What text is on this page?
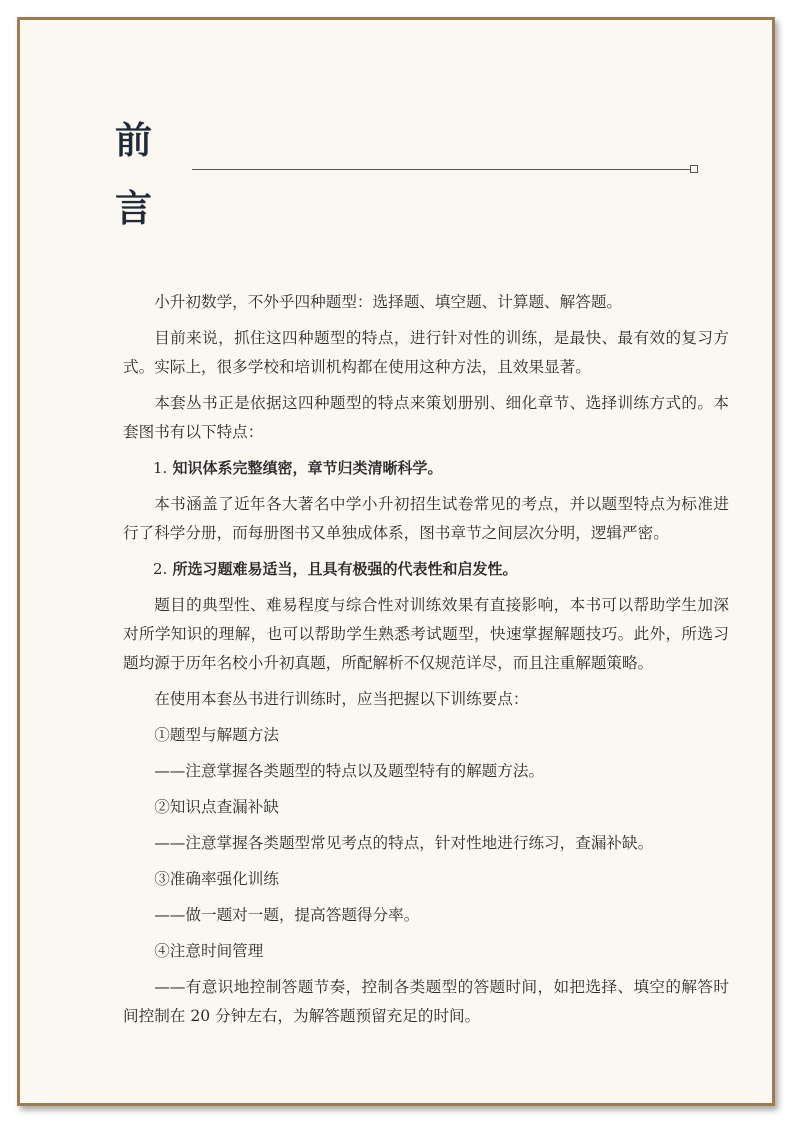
前
言

小升初数学，不外乎四种题型：选择题、填空题、计算题、解答题。

目前来说，抓住这四种题型的特点，进行针对性的训练，是最快、最有效的复习方式。实际上，很多学校和培训机构都在使用这种方法，且效果显著。

本套丛书正是依据这四种题型的特点来策划册别、细化章节、选择训练方式的。本套图书有以下特点：

1. 知识体系完整缜密，章节归类清晰科学。

本书涵盖了近年各大著名中学小升初招生试卷常见的考点，并以题型特点为标准进行了科学分册，而每册图书又单独成体系，图书章节之间层次分明，逻辑严密。

2. 所选习题难易适当，且具有极强的代表性和启发性。

题目的典型性、难易程度与综合性对训练效果有直接影响，本书可以帮助学生加深对所学知识的理解，也可以帮助学生熟悉考试题型，快速掌握解题技巧。此外，所选习题均源于历年名校小升初真题，所配解析不仅规范详尽，而且注重解题策略。

在使用本套丛书进行训练时，应当把握以下训练要点：

①题型与解题方法

——注意掌握各类题型的特点以及题型特有的解题方法。

②知识点查漏补缺

——注意掌握各类题型常见考点的特点，针对性地进行练习，查漏补缺。

③准确率强化训练

——做一题对一题，提高答题得分率。

④注意时间管理

——有意识地控制答题节奏，控制各类题型的答题时间，如把选择、填空的解答时间控制在 20 分钟左右，为解答题预留充足的时间。
